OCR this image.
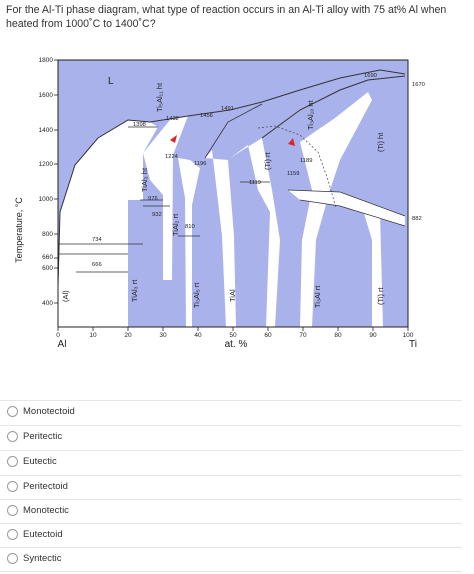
For the Al-Ti phase diagram, what type of reaction occurs in an Al-Ti alloy with 75 at% Al when heated from 1000˚C to 1400˚C?
0	10	20	30	40	50	60	70	80	90	100
1800
1600
1400
1200
1000
800
660
600
400
Temperature, °C
at. %
Al	Ti
1690
1670
1491
1456
1432
1398
1224
1196	1189
1159
1119
976
932
882
810
734
666
L
(Al)
Ti₅Al₁₁ ht
TiAl₃ ht
TiAl₃ rt
TiAl₂ rt
Ti₃Al₅ rt	TiAl
(Ti) rt
Ti₃Al₁₀ ht
Ti₃Al rt
(Ti) ht
(Ti) rt
Monotectoid
Peritectic
Eutectic
Peritectoid
Monotectic
Eutectoid
Syntectic
